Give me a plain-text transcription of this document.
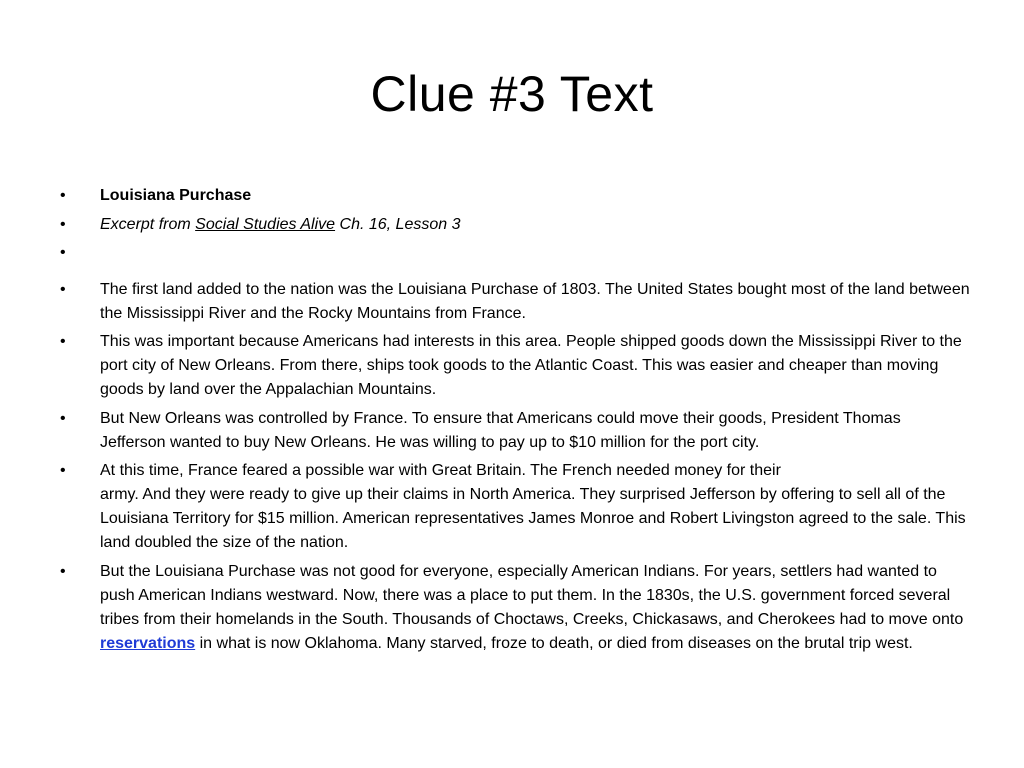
Clue #3 Text
•	Louisiana Purchase
•	Excerpt from Social Studies Alive Ch. 16, Lesson 3
•
•	The first land added to the nation was the Louisiana Purchase of 1803. The United States bought most of the land between the Mississippi River and the Rocky Mountains from France.
•	This was important because Americans had interests in this area. People shipped goods down the Mississippi River to the port city of New Orleans. From there, ships took goods to the Atlantic Coast. This was easier and cheaper than moving goods by land over the Appalachian Mountains.
•	But New Orleans was controlled by France. To ensure that Americans could move their goods, President Thomas Jefferson wanted to buy New Orleans. He was willing to pay up to $10 million for the port city.
•	At this time, France feared a possible war with Great Britain. The French needed money for their
army. And they were ready to give up their claims in North America. They surprised Jefferson by offering to sell all of the Louisiana Territory for $15 million. American representatives James Monroe and Robert Livingston agreed to the sale. This land doubled the size of the nation.
•	But the Louisiana Purchase was not good for everyone, especially American Indians. For years, settlers had wanted to push American Indians westward. Now, there was a place to put them. In the 1830s, the U.S. government forced several tribes from their homelands in the South. Thousands of Choctaws, Creeks, Chickasaws, and Cherokees had to move onto reservations in what is now Oklahoma. Many starved, froze to death, or died from diseases on the brutal trip west.
